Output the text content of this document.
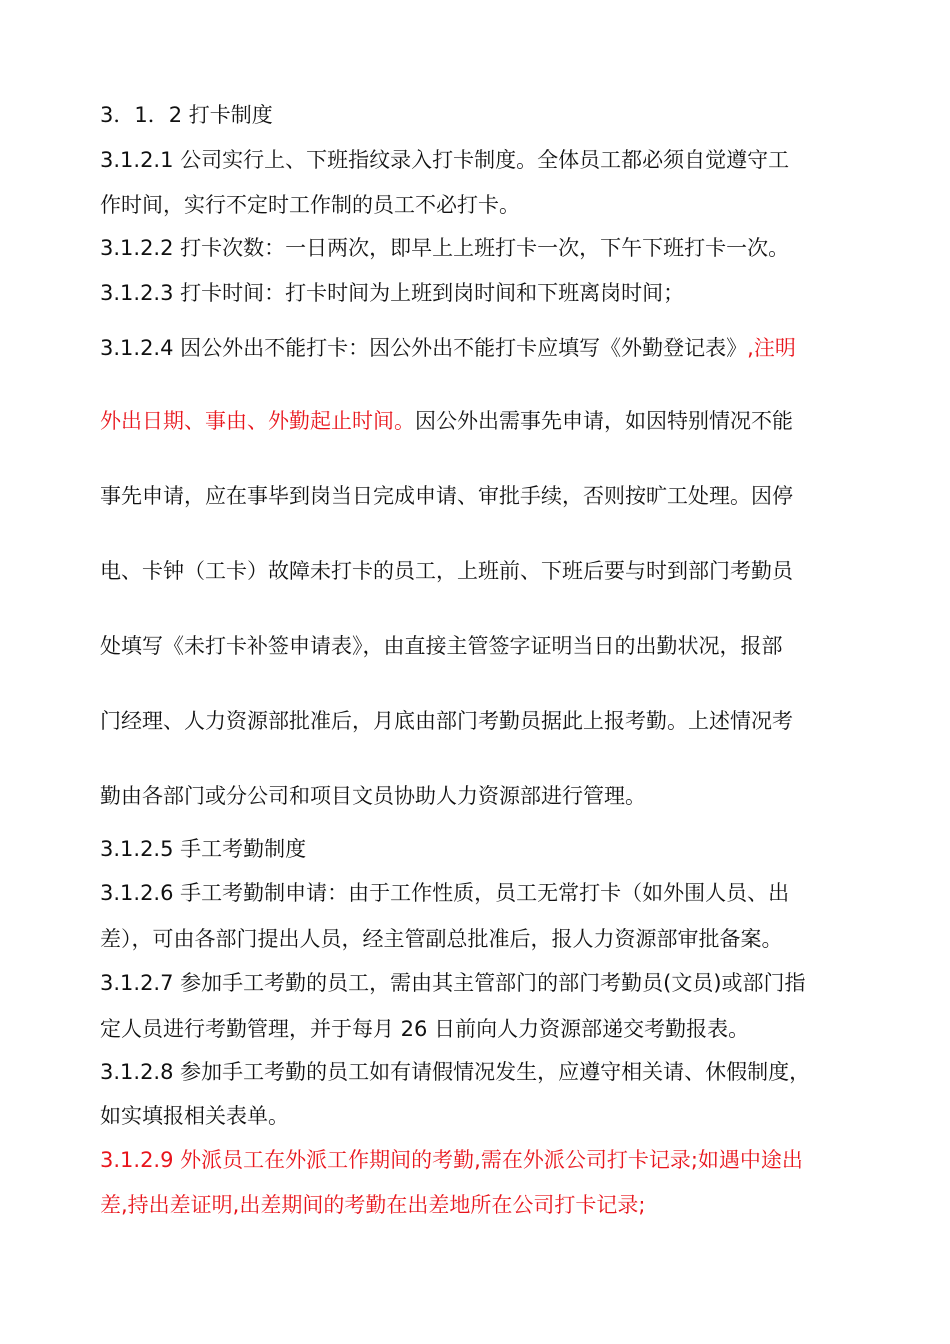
3．1．2 打卡制度
3.1.2.1 公司实行上、下班指纹录入打卡制度。全体员工都必须自觉遵守工
作时间，实行不定时工作制的员工不必打卡。
3.1.2.2 打卡次数：一日两次，即早上上班打卡一次，下午下班打卡一次。
3.1.2.3 打卡时间：打卡时间为上班到岗时间和下班离岗时间；
3.1.2.4 因公外出不能打卡：因公外出不能打卡应填写《外勤登记表》,注明
外出日期、事由、外勤起止时间。因公外出需事先申请，如因特别情况不能
事先申请，应在事毕到岗当日完成申请、审批手续，否则按旷工处理。因停
电、卡钟（工卡）故障未打卡的员工，上班前、下班后要与时到部门考勤员
处填写《未打卡补签申请表》，由直接主管签字证明当日的出勤状况，报部
门经理、人力资源部批准后，月底由部门考勤员据此上报考勤。上述情况考
勤由各部门或分公司和项目文员协助人力资源部进行管理。
3.1.2.5 手工考勤制度
3.1.2.6 手工考勤制申请：由于工作性质，员工无常打卡（如外围人员、出
差），可由各部门提出人员，经主管副总批准后，报人力资源部审批备案。
3.1.2.7 参加手工考勤的员工，需由其主管部门的部门考勤员(文员)或部门指
定人员进行考勤管理，并于每月 26 日前向人力资源部递交考勤报表。
3.1.2.8 参加手工考勤的员工如有请假情况发生，应遵守相关请、休假制度，
如实填报相关表单。
3.1.2.9 外派员工在外派工作期间的考勤,需在外派公司打卡记录;如遇中途出
差,持出差证明,出差期间的考勤在出差地所在公司打卡记录;
